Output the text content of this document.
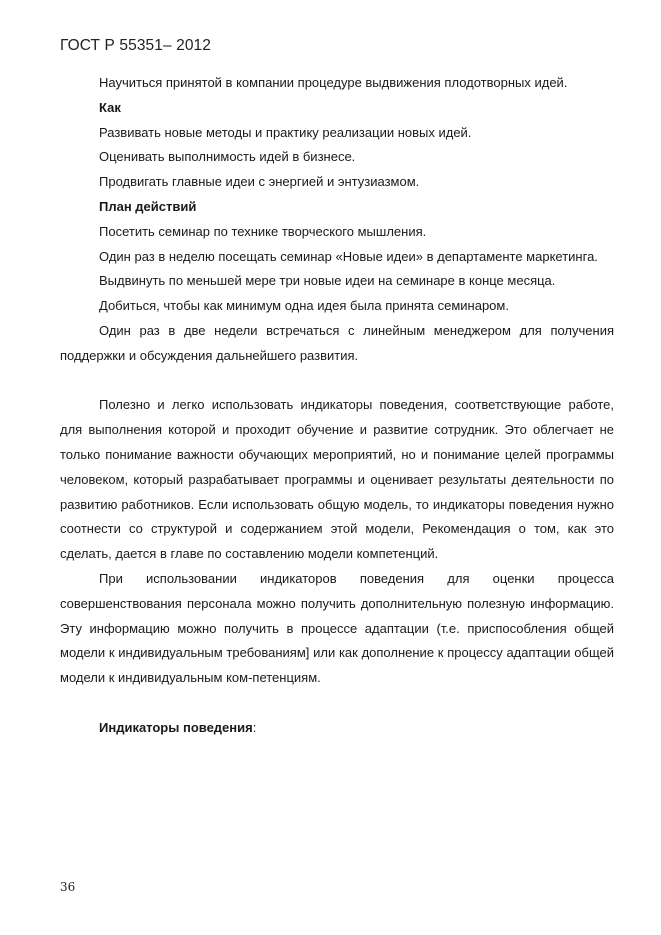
ГОСТ Р 55351– 2012

Научиться принятой в компании процедуре выдвижения плодотворных идей.

Как

Развивать новые методы и практику реализации новых идей.

Оценивать выполнимость идей в бизнесе.

Продвигать главные идеи с энергией и энтузиазмом.

План действий

Посетить семинар по технике творческого мышления.

Один раз в неделю посещать семинар «Новые идеи» в департаменте маркетинга.

Выдвинуть по меньшей мере три новые идеи на семинаре в конце месяца.

Добиться, чтобы как минимум одна идея была принята семинаром.

Один раз в две недели встречаться с линейным менеджером для получения поддержки и обсуждения дальнейшего развития.

Полезно и легко использовать индикаторы поведения, соответствующие работе, для выполнения которой и проходит обучение и развитие сотрудник. Это облегчает не только понимание важности обучающих мероприятий, но и понимание целей программы человеком, который разрабатывает программы и оценивает результаты деятельности по развитию работников. Если использовать общую модель, то индикаторы поведения нужно соотнести со структурой и содержанием этой модели, Рекомендация о том, как это сделать, дается в главе по составлению модели компетенций.

При использовании индикаторов поведения для оценки процесса совершенствования персонала можно получить дополнительную полезную информацию. Эту информацию можно получить в процессе адаптации (т.е. приспособления общей модели к индивидуальным требованиям] или как дополнение к процессу адаптации общей модели к индивидуальным ком-петенциям.

Индикаторы поведения:

36
